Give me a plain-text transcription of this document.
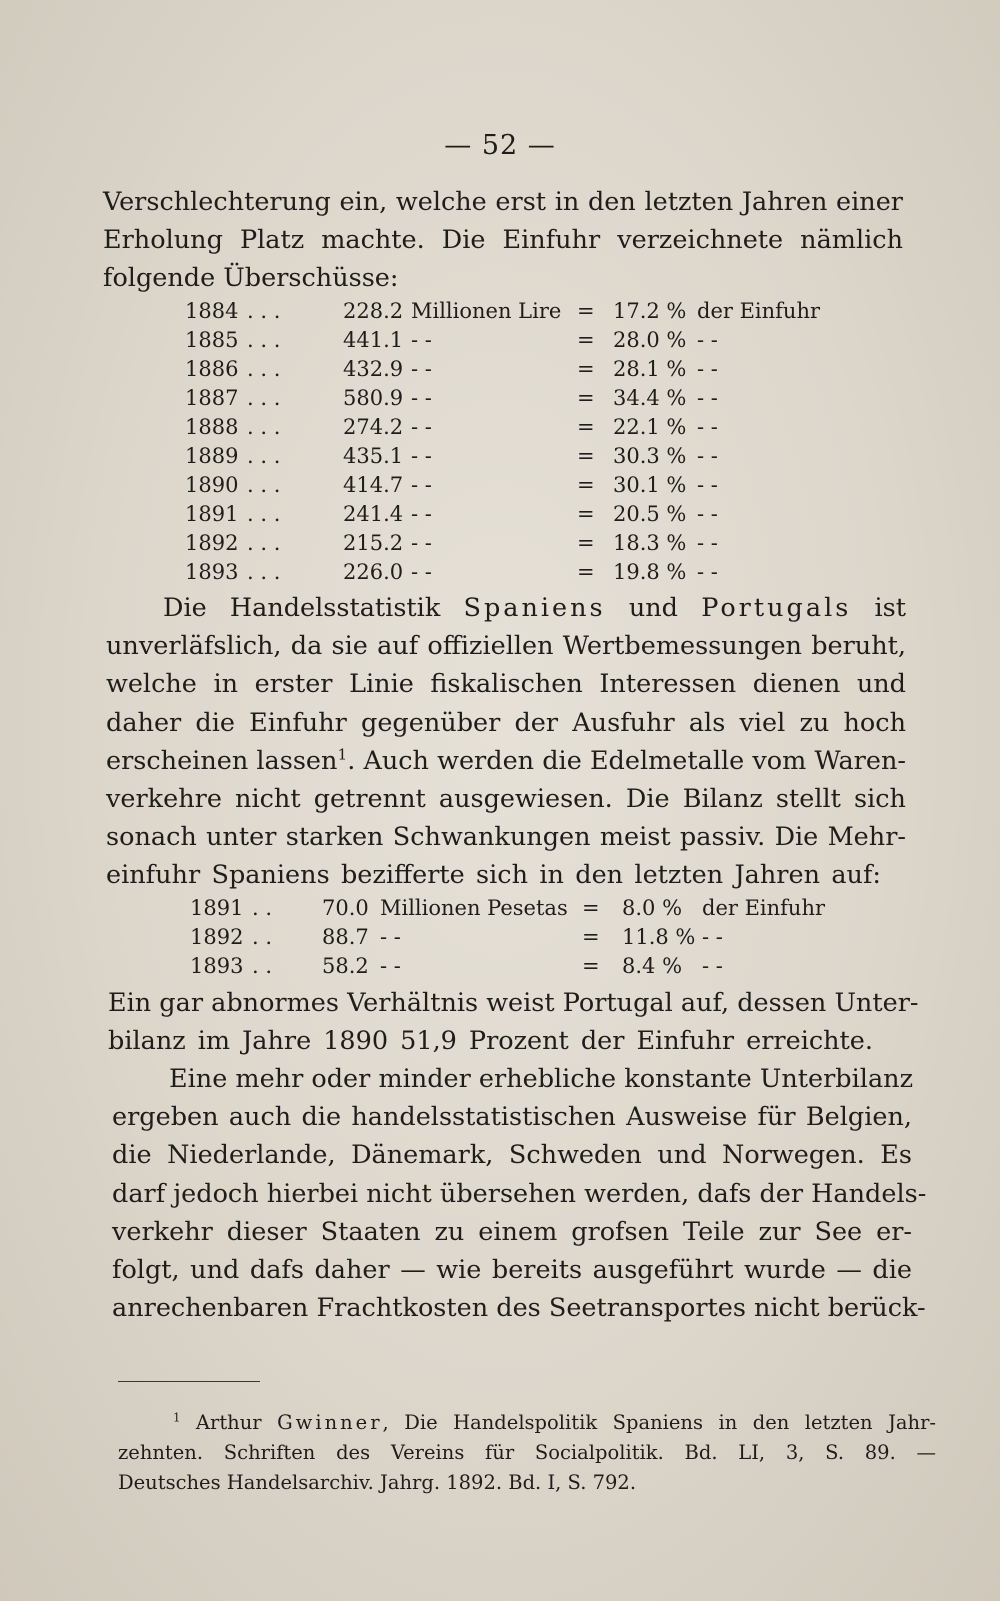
— 52 —
Verschlechterung ein, welche erst in den letzten Jahren einer
Erholung Platz machte. Die Einfuhr verzeichnete nämlich
folgende Überschüsse:
1884 . . .	228.2 Millionen Lire = 17.2 % der Einfuhr
1885 . . .	441.1 - -	= 28.0 % - -
1886 . . .	432.9 - -	= 28.1 % - -
1887 . . .	580.9 - -	= 34.4 % - -
1888 . . .	274.2 - -	= 22.1 % - -
1889 . . .	435.1 - -	= 30.3 % - -
1890 . . .	414.7 - -	= 30.1 % - -
1891 . . .	241.4 - -	= 20.5 % - -
1892 . . .	215.2 - -	= 18.3 % - -
1893 . . .	226.0 - -	= 19.8 % - -
Die Handelsstatistik Spaniens und Portugals ist
unverläfslich, da sie auf offiziellen Wertbemessungen beruht,
welche in erster Linie fiskalischen Interessen dienen und
daher die Einfuhr gegenüber der Ausfuhr als viel zu hoch
erscheinen lassen$^1$. Auch werden die Edelmetalle vom Waren-
verkehre nicht getrennt ausgewiesen. Die Bilanz stellt sich
sonach unter starken Schwankungen meist passiv. Die Mehr-
einfuhr Spaniens bezifferte sich in den letzten Jahren auf:
1891 . . 70.0 Millionen Pesetas = 8.0 % der Einfuhr
1892 . . 88.7 - -	= 11.8 % - -
1893 . . 58.2 - -	= 8.4 % - -
Ein gar abnormes Verhältnis weist Portugal auf, dessen Unter-
bilanz im Jahre 1890 51,9 Prozent der Einfuhr erreichte.
Eine mehr oder minder erhebliche konstante Unterbilanz
ergeben auch die handelsstatistischen Ausweise für Belgien,
die Niederlande, Dänemark, Schweden und Norwegen. Es
darf jedoch hierbei nicht übersehen werden, dafs der Handels-
verkehr dieser Staaten zu einem grofsen Teile zur See er-
folgt, und dafs daher — wie bereits ausgeführt wurde — die
anrechenbaren Frachtkosten des Seetransportes nicht berück-
$^1$ Arthur Gwinner, Die Handelspolitik Spaniens in den letzten Jahr-
zehnten. Schriften des Vereins für Socialpolitik. Bd. LI, 3, S. 89. —
Deutsches Handelsarchiv. Jahrg. 1892. Bd. I, S. 792.
